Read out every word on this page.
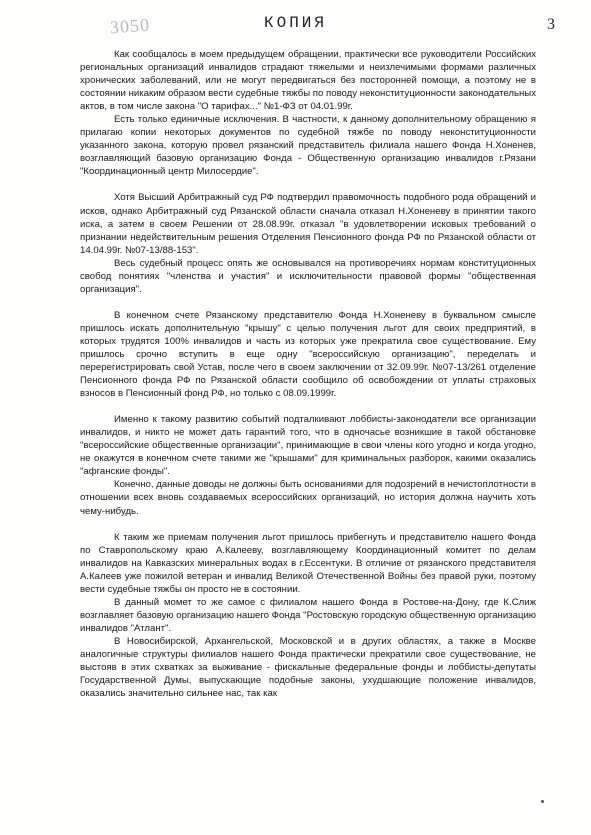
3050	КОПИЯ	3

Как сообщалось в моем предыдущем обращении, практически все руководители Российских региональных организаций инвалидов страдают тяжелыми и неизлечимыми формами различных хронических заболеваний, или не могут передвигаться без посторонней помощи, а поэтому не в состоянии никаким образом вести судебные тяжбы по поводу неконституционности законодательных актов, в том числе закона "О тарифах..." №1-ФЗ от 04.01.99г.

Есть только единичные исключения. В частности, к данному дополнительному обращению я прилагаю копии некоторых документов по судебной тяжбе по поводу неконституционности указанного закона, которую провел рязанский представитель филиала нашего Фонда Н.Хоненев, возглавляющий базовую организацию Фонда - Общественную организацию инвалидов г.Рязани "Координационный центр Милосердие".

Хотя Высший Арбитражный суд РФ подтвердил правомочность подобного рода обращений и исков, однако Арбитражный суд Рязанской области сначала отказал Н.Хоненеву в принятии такого иска, а затем в своем Решении от 28.08.99г. отказал "в удовлетворении исковых требований о признании недействительным решения Отделения Пенсионного фонда РФ по Рязанской области от 14.04.99г. №07-13/88-153".

Весь судебный процесс опять же основывался на противоречиях нормам конституционных свобод понятиях "членства и участия" и исключительности правовой формы "общественная организация".

В конечном счете Рязанскому представителю Фонда Н.Хоненеву в буквальном смысле пришлось искать дополнительную "крышу" с целью получения льгот для своих предприятий, в которых трудятся 100% инвалидов и часть из которых уже прекратила свое существование. Ему пришлось срочно вступить в еще одну "всероссийскую организацию", переделать и перерегистрировать свой Устав, после чего в своем заключении от 32.09.99г. №07-13/261 отделение Пенсионного фонда РФ по Рязанской области сообщило об освобождении от уплаты страховых взносов в Пенсионный фонд РФ, но только с 08.09.1999г.

Именно к такому развитию событий подталкивают лоббисты-законодатели все организации инвалидов, и никто не может дать гарантий того, что в одночасье возникшие в такой обстановке "всероссийские общественные организации", принимающие в свои члены кого угодно и когда угодно, не окажутся в конечном счете такими же "крышами" для криминальных разборок, какими оказались "афганские фонды".

Конечно, данные доводы не должны быть основаниями для подозрений в нечистоплотности в отношении всех вновь создаваемых всероссийских организаций, но история должна научить хоть чему-нибудь.

К таким же приемам получения льгот пришлось прибегнуть и представителю нашего Фонда по Ставропольскому краю А.Калееву, возглавляющему Координационный комитет по делам инвалидов на Кавказских минеральных водах в г.Ессентуки. В отличие от рязанского представителя А.Калеев уже пожилой ветеран и инвалид Великой Отечественной Войны без правой руки, поэтому вести судебные тяжбы он просто не в состоянии.

В данный момет то же самое с филиалом нашего Фонда в Ростове-на-Дону, где К.Слиж возглавляет базовую организацию нашего Фонда "Ростовскую городскую общественную организацию инвалидов "Атлант".

В Новосибирской, Архангельской, Московской и в других областях, а также в Москве аналогичные структуры филиалов нашего Фонда практически прекратили свое существование, не выстояв в этих схватках за выживание - фискальные федеральные фонды и лоббисты-депутаты Государственной Думы, выпускающие подобные законы, ухудшающие положение инвалидов, оказались значительно сильнее нас, так как
